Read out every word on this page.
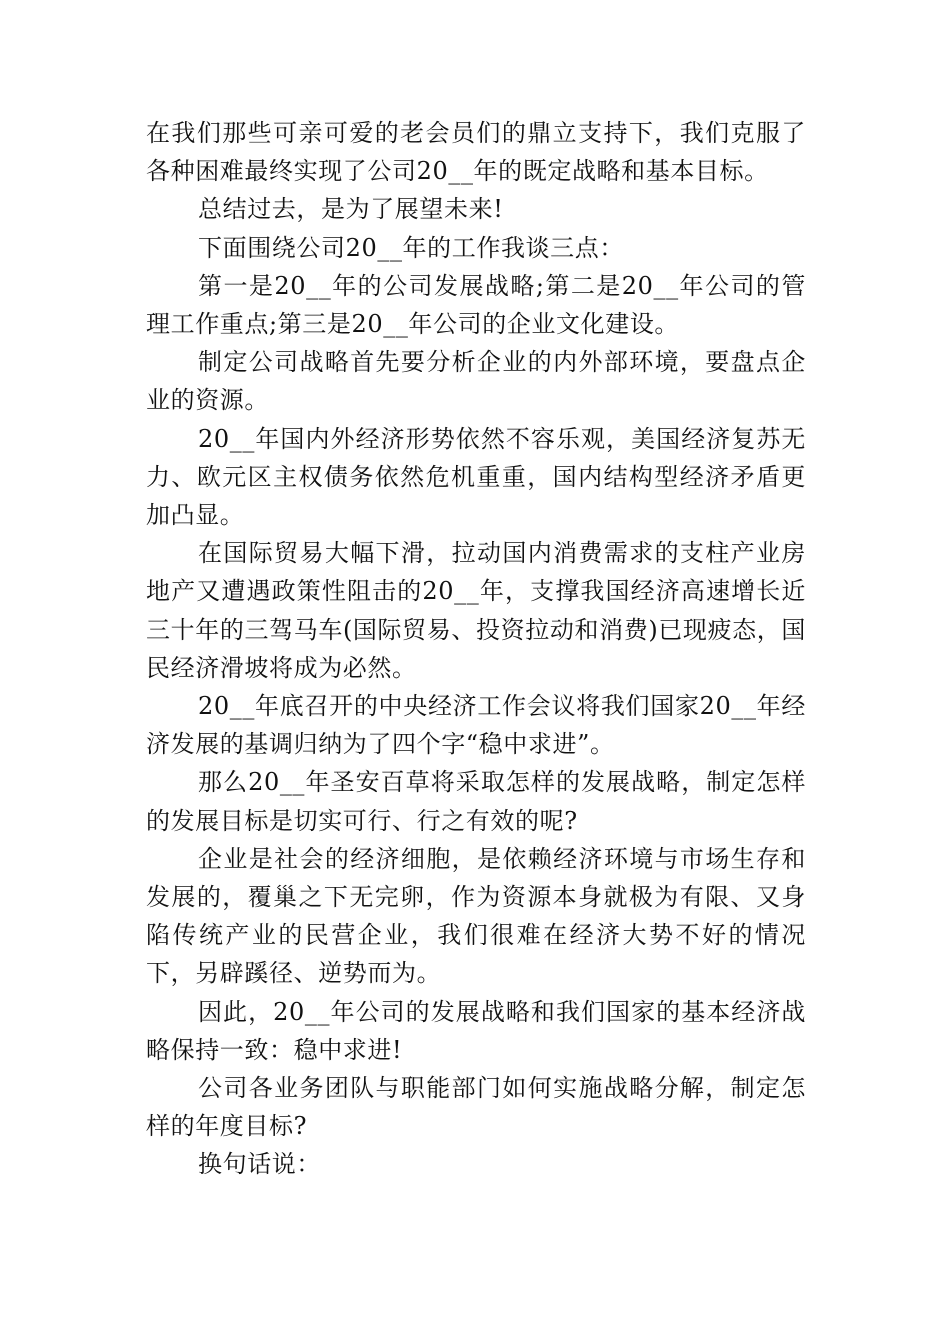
在我们那些可亲可爱的老会员们的鼎立支持下，我们克服了各种困难最终实现了公司20__年的既定战略和基本目标。

总结过去，是为了展望未来!

下面围绕公司20__年的工作我谈三点：

第一是20__年的公司发展战略;第二是20__年公司的管理工作重点;第三是20__年公司的企业文化建设。

制定公司战略首先要分析企业的内外部环境，要盘点企业的资源。

20__年国内外经济形势依然不容乐观，美国经济复苏无力、欧元区主权债务依然危机重重，国内结构型经济矛盾更加凸显。

在国际贸易大幅下滑，拉动国内消费需求的支柱产业房地产又遭遇政策性阻击的20__年，支撑我国经济高速增长近三十年的三驾马车(国际贸易、投资拉动和消费)已现疲态，国民经济滑坡将成为必然。

20__年底召开的中央经济工作会议将我们国家20__年经济发展的基调归纳为了四个字“稳中求进”。

那么20__年圣安百草将采取怎样的发展战略，制定怎样的发展目标是切实可行、行之有效的呢?

企业是社会的经济细胞，是依赖经济环境与市场生存和发展的，覆巢之下无完卵，作为资源本身就极为有限、又身陷传统产业的民营企业，我们很难在经济大势不好的情况下，另辟蹊径、逆势而为。

因此，20__年公司的发展战略和我们国家的基本经济战略保持一致：稳中求进!

公司各业务团队与职能部门如何实施战略分解，制定怎样的年度目标?

换句话说：
